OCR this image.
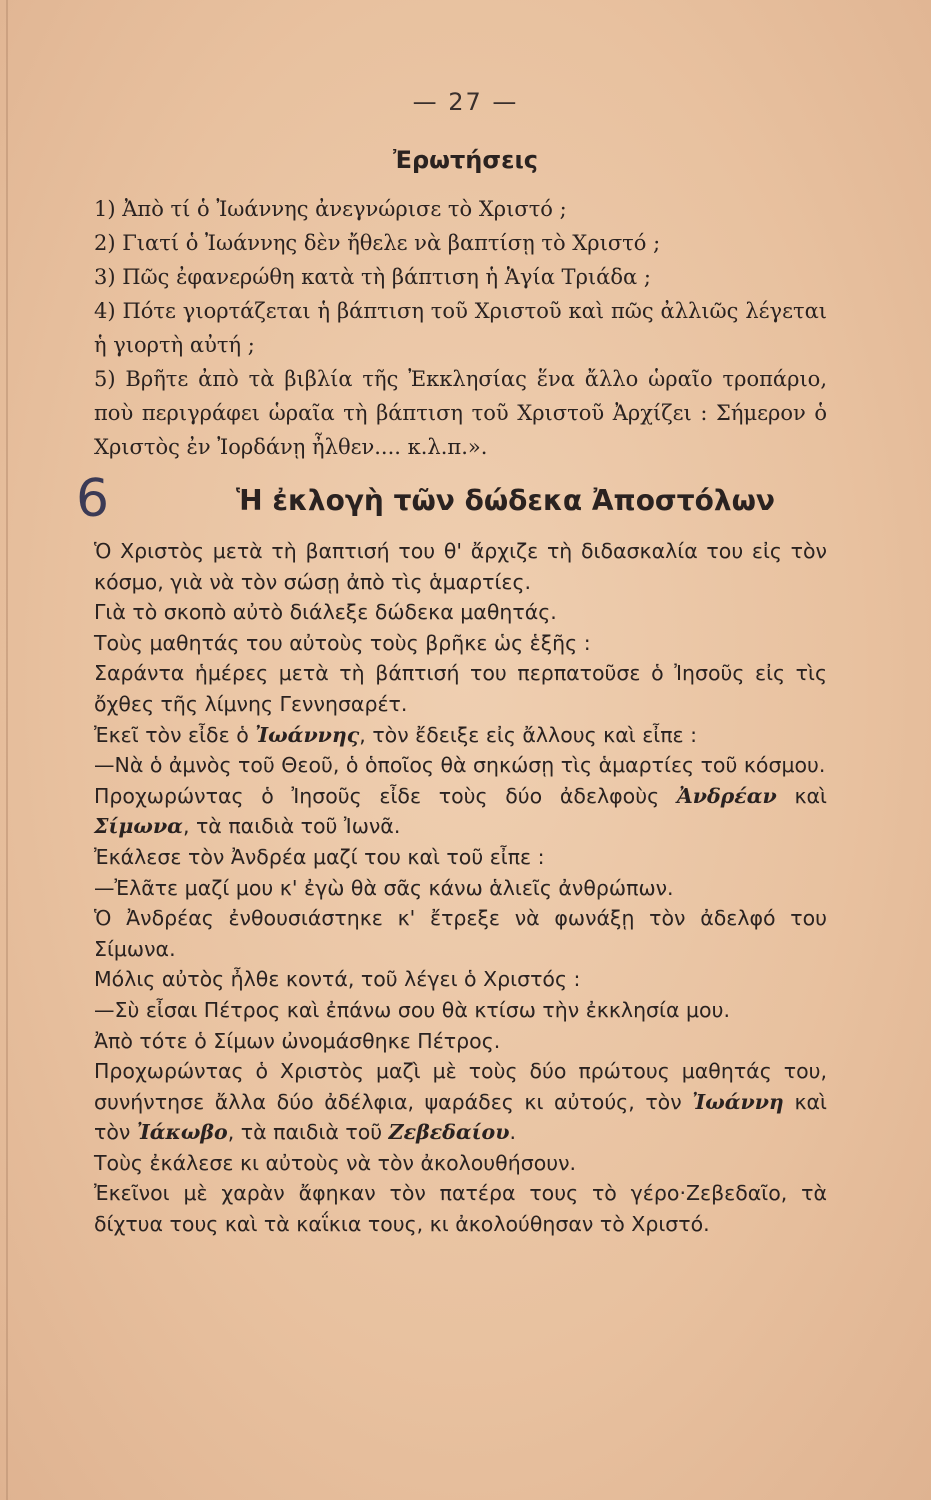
— 27 —
Ἐρωτήσεις

1) Ἀπὸ τί ὁ Ἰωάννης ἀνεγνώρισε τὸ Χριστό ;

2) Γιατί ὁ Ἰωάννης δὲν ἤθελε νὰ βαπτίσῃ τὸ Χριστό ;

3) Πῶς ἐφανερώθη κατὰ τὴ βάπτιση ἡ Ἁγία Τριάδα ;

4) Πότε γιορτάζεται ἡ βάπτιση τοῦ Χριστοῦ καὶ πῶς ἀλλιῶς λέγεται ἡ γιορτὴ αὐτή ;

5) Βρῆτε ἀπὸ τὰ βιβλία τῆς Ἐκκλησίας ἕνα ἄλλο ὡραῖο τροπάριο, ποὺ περιγράφει ὡραῖα τὴ βάπτιση τοῦ Χριστοῦ Ἀρχίζει : Σήμερον ὁ Χριστὸς ἐν Ἰορδάνῃ ἦλθεν.... κ.λ.π.».

6	Ἡ ἐκλογὴ τῶν δώδεκα Ἀποστόλων

Ὁ Χριστὸς μετὰ τὴ βαπτισή του θ' ἄρχιζε τὴ διδασκαλία του εἰς τὸν κόσμο, γιὰ νὰ τὸν σώσῃ ἀπὸ τὶς ἁμαρτίες.

Γιὰ τὸ σκοπὸ αὐτὸ διάλεξε δώδεκα μαθητάς.

Τοὺς μαθητάς του αὐτοὺς τοὺς βρῆκε ὡς ἑξῆς :

Σαράντα ἡμέρες μετὰ τὴ βάπτισή του περπατοῦσε ὁ Ἰησοῦς εἰς τὶς ὄχθες τῆς λίμνης Γεννησαρέτ.

Ἐκεῖ τὸν εἶδε ὁ Ἰωάννης, τὸν ἔδειξε εἰς ἄλλους καὶ εἶπε :

—Νὰ ὁ ἀμνὸς τοῦ Θεοῦ, ὁ ὁποῖος θὰ σηκώσῃ τὶς ἁμαρτίες τοῦ κόσμου.

Προχωρώντας ὁ Ἰησοῦς εἶδε τοὺς δύο ἀδελφοὺς Ἀνδρέαν καὶ Σίμωνα, τὰ παιδιὰ τοῦ Ἰωνᾶ.

Ἐκάλεσε τὸν Ἀνδρέα μαζί του καὶ τοῦ εἶπε :

—Ἐλᾶτε μαζί μου κ' ἐγὼ θὰ σᾶς κάνω ἁλιεῖς ἀνθρώπων.

Ὁ Ἀνδρέας ἐνθουσιάστηκε κ' ἔτρεξε νὰ φωνάξῃ τὸν ἀδελφό του Σίμωνα.

Μόλις αὐτὸς ἦλθε κοντά, τοῦ λέγει ὁ Χριστός :

—Σὺ εἶσαι Πέτρος καὶ ἐπάνω σου θὰ κτίσω τὴν ἐκκλησία μου.

Ἀπὸ τότε ὁ Σίμων ὠνομάσθηκε Πέτρος.

Προχωρώντας ὁ Χριστὸς μαζὶ μὲ τοὺς δύο πρώτους μαθητάς του, συνήντησε ἄλλα δύο ἀδέλφια, ψαράδες κι αὐτούς, τὸν Ἰωάννη καὶ τὸν Ἰάκωβο, τὰ παιδιὰ τοῦ Ζεβεδαίου.

Τοὺς ἐκάλεσε κι αὐτοὺς νὰ τὸν ἀκολουθήσουν.

Ἐκεῖνοι μὲ χαρὰν ἄφηκαν τὸν πατέρα τους τὸ γέρο·Ζεβεδαῖο, τὰ δίχτυα τους καὶ τὰ καΐκια τους, κι ἀκολούθησαν τὸ Χριστό.
